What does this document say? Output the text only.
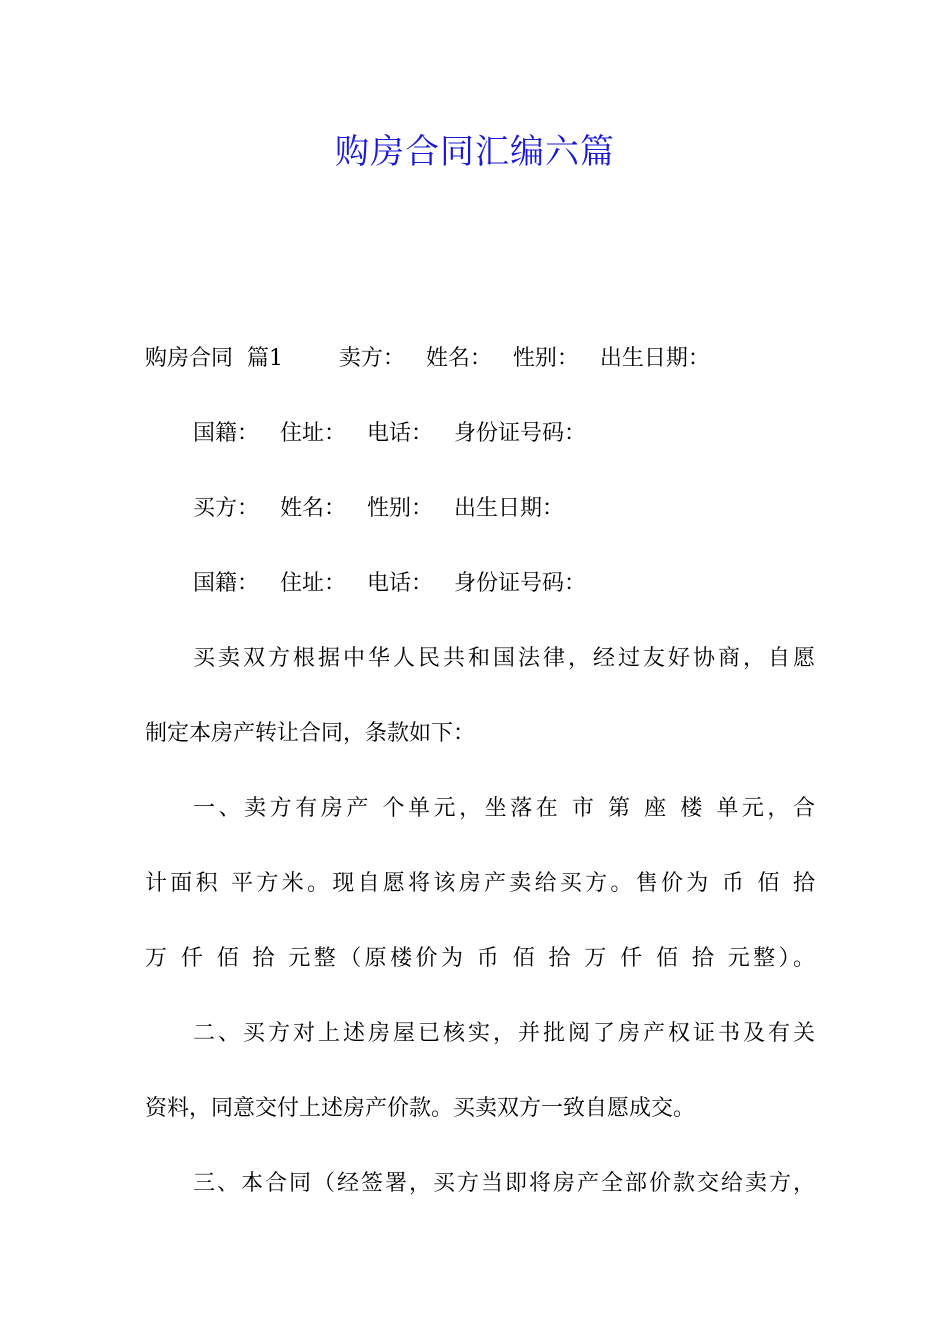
购房合同汇编六篇
购房合同  篇1        卖方：   姓名：   性别：   出生日期：
国籍：   住址：   电话：   身份证号码：
买方：   姓名：   性别：   出生日期：
国籍：   住址：   电话：   身份证号码：
买卖双方根据中华人民共和国法律，经过友好协商，自愿
制定本房产转让合同，条款如下：
一、卖方有房产 个单元，坐落在 市 第 座 楼 单元，合
计面积 平方米。现自愿将该房产卖给买方。售价为 币 佰 拾
万 仟 佰 拾 元整（原楼价为 币 佰 拾 万 仟 佰 拾 元整）。
二、买方对上述房屋已核实，并批阅了房产权证书及有关
资料，同意交付上述房产价款。买卖双方一致自愿成交。
三、本合同（经签署，买方当即将房产全部价款交给卖方，
